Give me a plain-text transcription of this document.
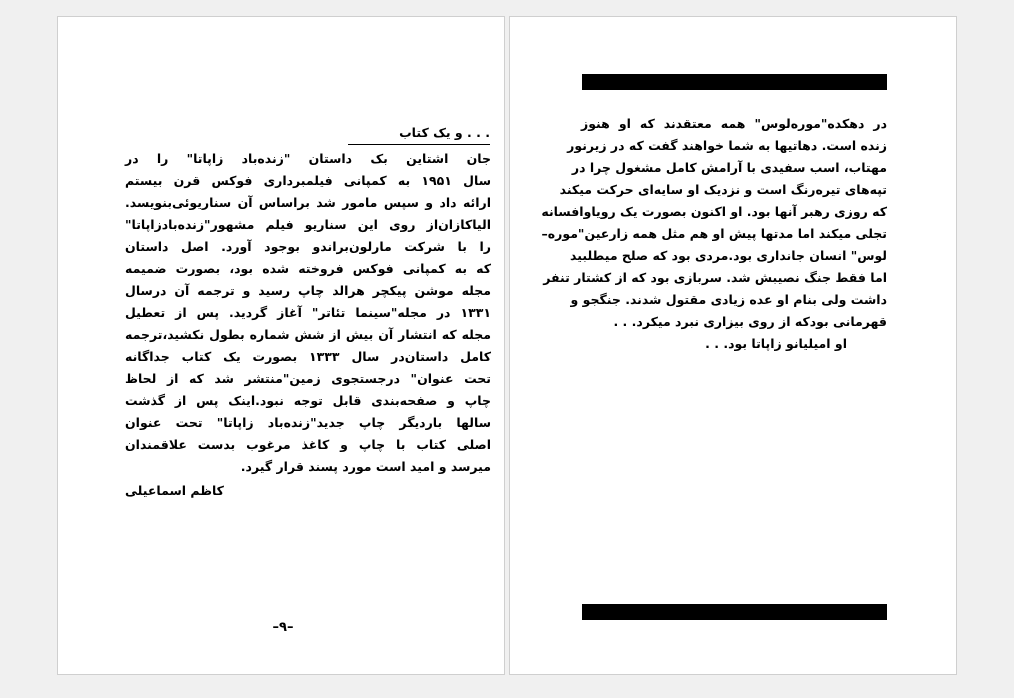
. . . و یک کتاب
جان اشتاین بک داستان "زنده‌باد زاپاتا" را در
سال ۱۹۵۱ به کمپانی فیلمبرداری فوکس قرن بیستم
ارائه داد و سپس مامور شد براساس آن سناریوئی‌بنویسد.
الیاکازان‌از روی این سناریو فیلم مشهور"زنده‌بادزاپاتا"
را با شرکت مارلون‌براندو بوجود آورد. اصل داستان
که به کمپانی فوکس فروخته شده بود، بصورت ضمیمه
مجله موشن پیکچر هرالد چاپ رسید و ترجمه آن درسال
۱۳۳۱ در مجله"سینما تئاتر" آغاز گردید. پس از تعطیل
مجله که انتشار آن بیش از شش شماره بطول نکشید،ترجمه
کامل داستان‌در سال ۱۳۳۳ بصورت یک کتاب جداگانه
تحت عنوان" درجستجوی زمین"منتشر شد که از لحاظ
چاپ و صفحه‌بندی قابل توجه نبود.اینک پس از گذشت
سالها باردیگر چاپ جدید"زنده‌باد زاپاتا" تحت عنوان
اصلی کتاب با چاپ و کاغذ مرغوب بدست علاقمندان
میرسد و امید است مورد پسند قرار گیرد.
کاظم اسماعیلی
–۹–
در دهکده"موره‌لوس" همه معتقدند که او هنوز
زنده است. دهاتیها به شما خواهند گفت که در زیرنور
مهتاب، اسب سفیدی با آرامش کامل مشغول چرا در
تپه‌های تیره‌رنگ است و نزدیک او سایه‌ای حرکت میکند
که روزی رهبر آنها بود. او اکنون بصورت یک رویاوافسانه
تجلی میکند اما مدتها پیش او هم مثل همه زارعین"موره–
لوس" انسان جانداری بود.مردی بود که صلح میطلبید
اما فقط جنگ نصیبش شد. سربازی بود که از کشتار تنفر
داشت ولی بنام او عده زیادی مقتول شدند. جنگجو و
قهرمانی بودکه از روی بیزاری نبرد میکرد. . .
او امیلیانو زاپاتا بود. . .
